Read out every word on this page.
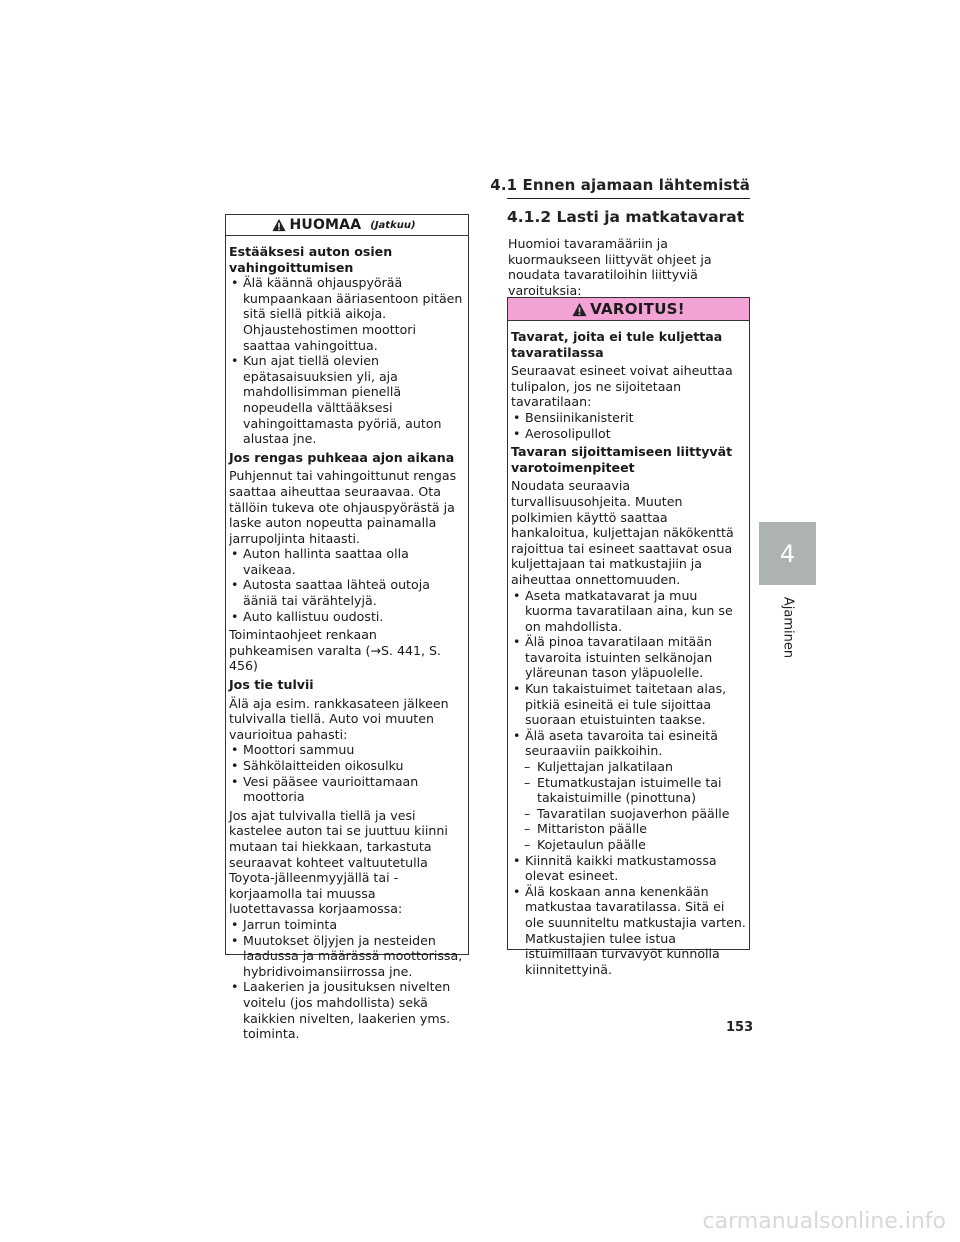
4.1 Ennen ajamaan lähtemistä
4
Ajaminen
HUOMAA (Jatkuu)

Estääksesi auton osien vahingoittumisen

• Älä käännä ohjauspyörää kumpaankaan ääriasentoon pitäen sitä siellä pitkiä aikoja. Ohjaustehostimen moottori saattaa vahingoittua.
• Kun ajat tiellä olevien epätasaisuuksien yli, aja mahdollisimman pienellä nopeudella välttääksesi vahingoittamasta pyöriä, auton alustaa jne.

Jos rengas puhkeaa ajon aikana

Puhjennut tai vahingoittunut rengas saattaa aiheuttaa seuraavaa. Ota tällöin tukeva ote ohjauspyörästä ja laske auton nopeutta painamalla jarrupoljinta hitaasti.

• Auton hallinta saattaa olla vaikeaa.
• Autosta saattaa lähteä outoja ääniä tai värähtelyjä.
• Auto kallistuu oudosti.

Toimintaohjeet renkaan puhkeamisen varalta (→S. 441, S. 456)

Jos tie tulvii

Älä aja esim. rankkasateen jälkeen tulvivalla tiellä. Auto voi muuten vaurioitua pahasti:

• Moottori sammuu
• Sähkölaitteiden oikosulku
• Vesi pääsee vaurioittamaan moottoria

Jos ajat tulvivalla tiellä ja vesi kastelee auton tai se juuttuu kiinni mutaan tai hiekkaan, tarkastuta seuraavat kohteet valtuutetulla Toyota-jälleenmyyjällä tai -korjaamolla tai muussa luotettavassa korjaamossa:

• Jarrun toiminta
• Muutokset öljyjen ja nesteiden laadussa ja määrässä moottorissa, hybridivoimansiirrossa jne.
• Laakerien ja jousituksen nivelten voitelu (jos mahdollista) sekä kaikkien nivelten, laakerien yms. toiminta.
4.1.2 Lasti ja matkatavarat

Huomioi tavaramääriin ja kuormaukseen liittyvät ohjeet ja noudata tavaratiloihin liittyviä varoituksia:

VAROITUS!

Tavarat, joita ei tule kuljettaa tavaratilassa

Seuraavat esineet voivat aiheuttaa tulipalon, jos ne sijoitetaan tavaratilaan:

• Bensiinikanisterit
• Aerosolipullot

Tavaran sijoittamiseen liittyvät varotoimenpiteet

Noudata seuraavia turvallisuusohjeita. Muuten polkimien käyttö saattaa hankaloitua, kuljettajan näkökenttä rajoittua tai esineet saattavat osua kuljettajaan tai matkustajiin ja aiheuttaa onnettomuuden.

• Aseta matkatavarat ja muu kuorma tavaratilaan aina, kun se on mahdollista.
• Älä pinoa tavaratilaan mitään tavaroita istuinten selkänojan yläreunan tason yläpuolelle.
• Kun takaistuimet taitetaan alas, pitkiä esineitä ei tule sijoittaa suoraan etuistuinten taakse.
• Älä aseta tavaroita tai esineitä seuraaviin paikkoihin.
– Kuljettajan jalkatilaan
– Etumatkustajan istuimelle tai takaistuimille (pinottuna)
– Tavaratilan suojaverhon päälle
– Mittariston päälle
– Kojetaulun päälle
• Kiinnitä kaikki matkustamossa olevat esineet.
• Älä koskaan anna kenenkään matkustaa tavaratilassa. Sitä ei ole suunniteltu matkustajia varten. Matkustajien tulee istua istuimillaan turvavyöt kunnolla kiinnitettyinä.
153
carmanualsonline.info
